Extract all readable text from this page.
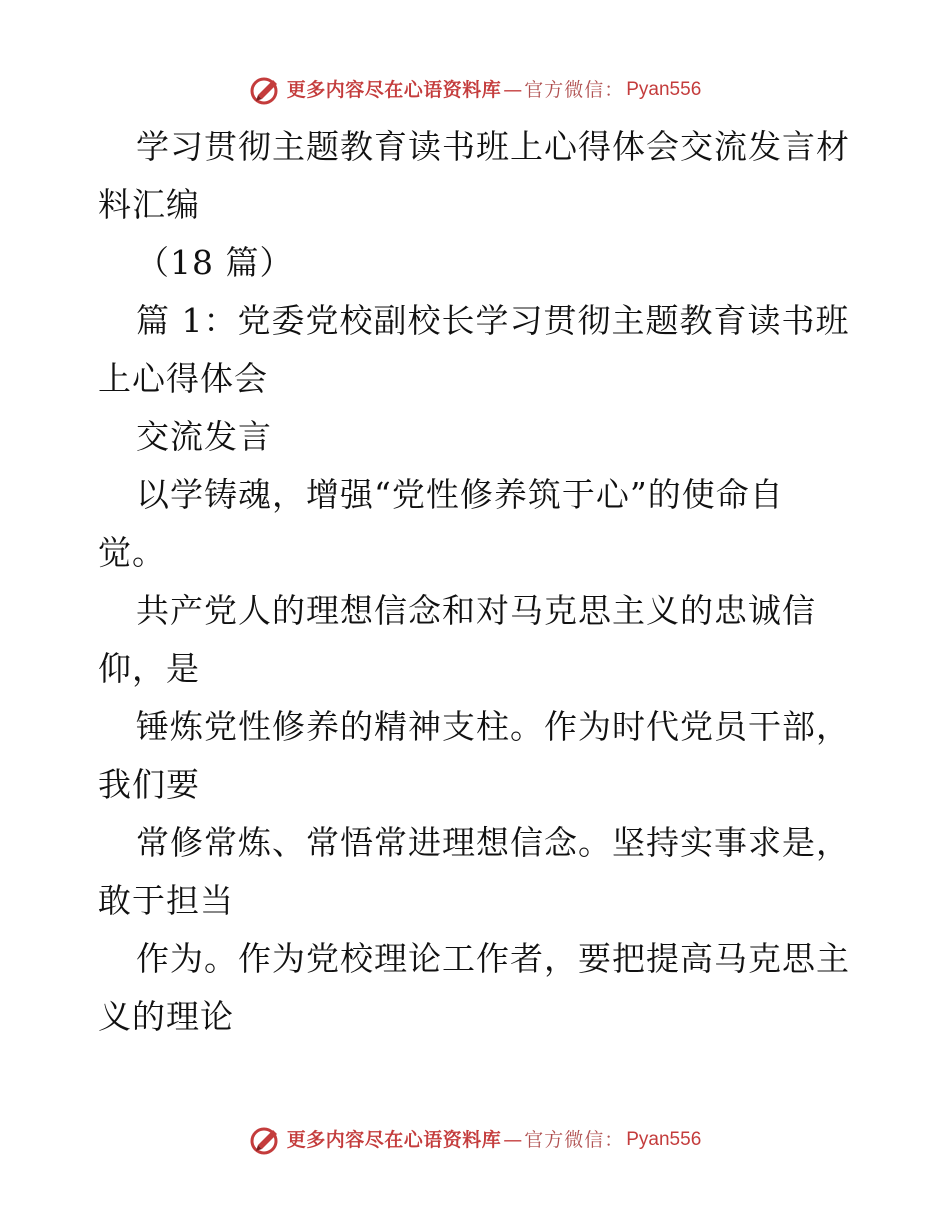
更多内容尽在心语资料库 — 官方微信： Pyan556
学习贯彻主题教育读书班上心得体会交流发言材
料汇编
（18 篇）
篇 1：党委党校副校长学习贯彻主题教育读书班
上心得体会
交流发言
以学铸魂，增强“党性修养筑于心”的使命自
觉。
共产党人的理想信念和对马克思主义的忠诚信
仰，是
锤炼党性修养的精神支柱。作为时代党员干部，
我们要
常修常炼、常悟常进理想信念。坚持实事求是，
敢于担当
作为。作为党校理论工作者，要把提高马克思主
义的理论
更多内容尽在心语资料库 — 官方微信： Pyan556
